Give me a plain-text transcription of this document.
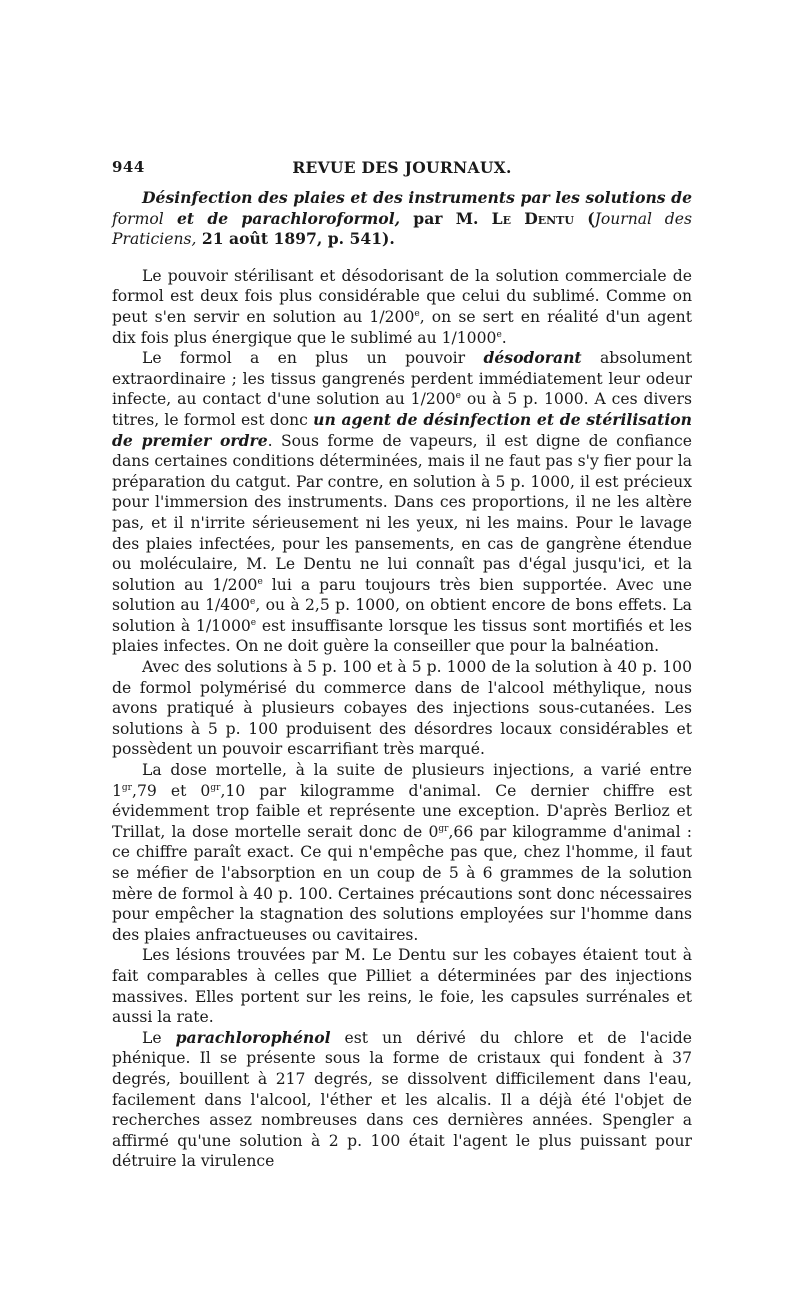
944	REVUE DES JOURNAUX.

Désinfection des plaies et des instruments par les solutions de formol et de parachloroformol, par M. Le Dentu (Journal des Praticiens, 21 août 1897, p. 541).

Le pouvoir stérilisant et désodorisant de la solution commerciale de formol est deux fois plus considérable que celui du sublimé. Comme on peut s'en servir en solution au 1/200e, on se sert en réalité d'un agent dix fois plus énergique que le sublimé au 1/1000e.

Le formol a en plus un pouvoir désodorant absolument extraordinaire ; les tissus gangrenés perdent immédiatement leur odeur infecte, au contact d'une solution au 1/200e ou à 5 p. 1000. A ces divers titres, le formol est donc un agent de désinfection et de stérilisation de premier ordre. Sous forme de vapeurs, il est digne de confiance dans certaines conditions déterminées, mais il ne faut pas s'y fier pour la préparation du catgut. Par contre, en solution à 5 p. 1000, il est précieux pour l'immersion des instruments. Dans ces proportions, il ne les altère pas, et il n'irrite sérieusement ni les yeux, ni les mains. Pour le lavage des plaies infectées, pour les pansements, en cas de gangrène étendue ou moléculaire, M. Le Dentu ne lui connaît pas d'égal jusqu'ici, et la solution au 1/200e lui a paru toujours très bien supportée. Avec une solution au 1/400e, ou à 2,5 p. 1000, on obtient encore de bons effets. La solution à 1/1000e est insuffisante lorsque les tissus sont mortifiés et les plaies infectes. On ne doit guère la conseiller que pour la balnéation.

Avec des solutions à 5 p. 100 et à 5 p. 1000 de la solution à 40 p. 100 de formol polymérisé du commerce dans de l'alcool méthylique, nous avons pratiqué à plusieurs cobayes des injections sous-cutanées. Les solutions à 5 p. 100 produisent des désordres locaux considérables et possèdent un pouvoir escarrifiant très marqué.

La dose mortelle, à la suite de plusieurs injections, a varié entre $1^{gr},79$ et $0^{gr},10$ par kilogramme d'animal. Ce dernier chiffre est évidemment trop faible et représente une exception. D'après Berlioz et Trillat, la dose mortelle serait donc de $0^{gr},66$ par kilogramme d'animal : ce chiffre paraît exact. Ce qui n'empêche pas que, chez l'homme, il faut se méfier de l'absorption en un coup de 5 à 6 grammes de la solution mère de formol à 40 p. 100. Certaines précautions sont donc nécessaires pour empêcher la stagnation des solutions employées sur l'homme dans des plaies anfractueuses ou cavitaires.

Les lésions trouvées par M. Le Dentu sur les cobayes étaient tout à fait comparables à celles que Pilliet a déterminées par des injections massives. Elles portent sur les reins, le foie, les capsules surrénales et aussi la rate.

Le parachlorophénol est un dérivé du chlore et de l'acide phénique. Il se présente sous la forme de cristaux qui fondent à 37 degrés, bouillent à 217 degrés, se dissolvent difficilement dans l'eau, facilement dans l'alcool, l'éther et les alcalis. Il a déjà été l'objet de recherches assez nombreuses dans ces dernières années. Spengler a affirmé qu'une solution à 2 p. 100 était l'agent le plus puissant pour détruire la virulence
